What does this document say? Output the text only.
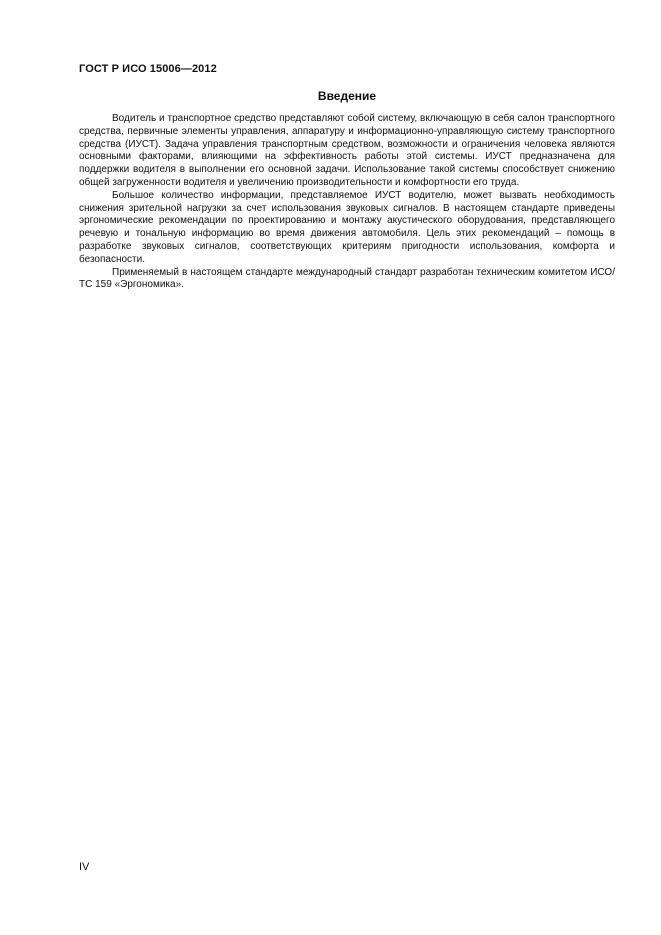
ГОСТ Р ИСО 15006—2012
Введение

Водитель и транспортное средство представляют собой систему, включающую в себя салон транспортного средства, первичные элементы управления, аппаратуру и информационно-управляющую систему транспортного средства (ИУСТ). Задача управления транспортным средством, возможности и ограничения человека являются основными факторами, влияющими на эффективность работы этой системы. ИУСТ предназначена для поддержки водителя в выполнении его основной задачи. Использование такой системы способствует снижению общей загруженности водителя и увеличению производительности и комфортности его труда.

Большое количество информации, представляемое ИУСТ водителю, может вызвать необходимость снижения зрительной нагрузки за счет использования звуковых сигналов. В настоящем стандарте приведены эргономические рекомендации по проектированию и монтажу акустического оборудования, представляющего речевую и тональную информацию во время движения автомобиля. Цель этих рекомендаций – помощь в разработке звуковых сигналов, соответствующих критериям пригодности использования, комфорта и безопасности.

Применяемый в настоящем стандарте международный стандарт разработан техническим комитетом ИСО/ТС 159 «Эргономика».

IV
